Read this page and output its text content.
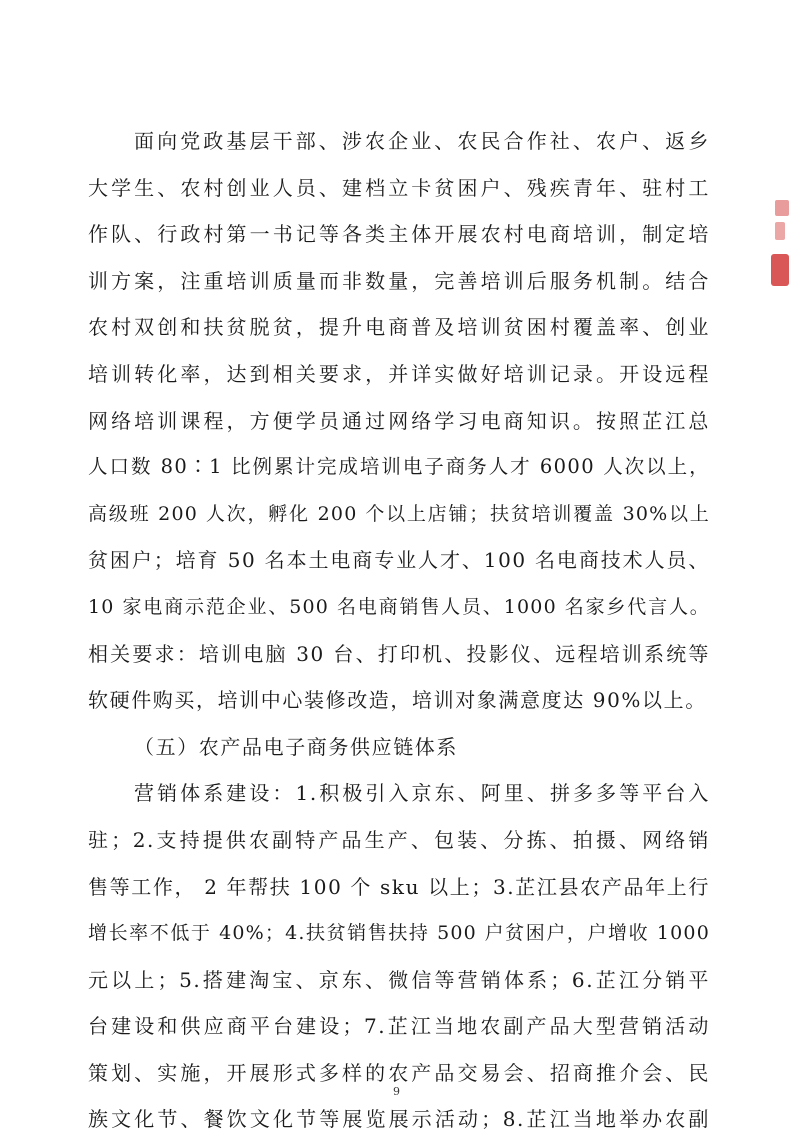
面向党政基层干部、涉农企业、农民合作社、农户、返乡
大学生、农村创业人员、建档立卡贫困户、残疾青年、驻村工
作队、行政村第一书记等各类主体开展农村电商培训，制定培
训方案，注重培训质量而非数量，完善培训后服务机制。结合
农村双创和扶贫脱贫，提升电商普及培训贫困村覆盖率、创业
培训转化率，达到相关要求，并详实做好培训记录。开设远程
网络培训课程，方便学员通过网络学习电商知识。按照芷江总
人口数 80∶1 比例累计完成培训电子商务人才 6000 人次以上，
高级班 200 人次，孵化 200 个以上店铺；扶贫培训覆盖 30%以上
贫困户；培育 50 名本土电商专业人才、100 名电商技术人员、
10 家电商示范企业、500 名电商销售人员、1000 名家乡代言人。
相关要求：培训电脑 30 台、打印机、投影仪、远程培训系统等
软硬件购买，培训中心装修改造，培训对象满意度达 90%以上。
（五）农产品电子商务供应链体系
营销体系建设：1.积极引入京东、阿里、拼多多等平台入
驻；2.支持提供农副特产品生产、包装、分拣、拍摄、网络销
售等工作， 2 年帮扶 100 个 sku 以上；3.芷江县农产品年上行
增长率不低于 40%；4.扶贫销售扶持 500 户贫困户，户增收 1000
元以上；5.搭建淘宝、京东、微信等营销体系；6.芷江分销平
台建设和供应商平台建设；7.芷江当地农副产品大型营销活动
策划、实施，开展形式多样的农产品交易会、招商推介会、民
族文化节、餐饮文化节等展览展示活动；8.芷江当地举办农副
9
